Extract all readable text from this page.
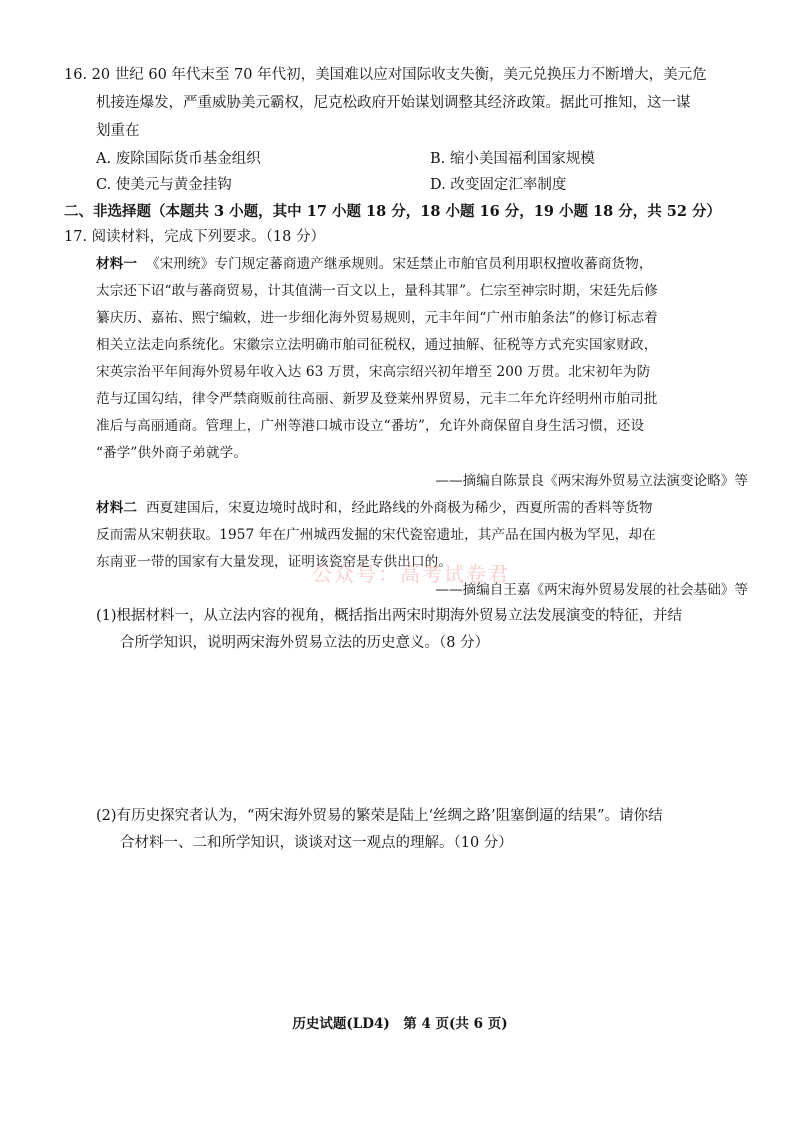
16. 20 世纪 60 年代末至 70 年代初，美国难以应对国际收支失衡，美元兑换压力不断增大，美元危
机接连爆发，严重威胁美元霸权，尼克松政府开始谋划调整其经济政策。据此可推知，这一谋
划重在
A. 废除国际货币基金组织	B. 缩小美国福利国家规模
C. 使美元与黄金挂钩	D. 改变固定汇率制度
二、非选择题（本题共 3 小题，其中 17 小题 18 分，18 小题 16 分，19 小题 18 分，共 52 分）
17. 阅读材料，完成下列要求。（18 分）
材料一 《宋刑统》专门规定蕃商遗产继承规则。宋廷禁止市舶官员利用职权擅收蕃商货物，
太宗还下诏“敢与蕃商贸易，计其值满一百文以上，量科其罪”。仁宗至神宗时期，宋廷先后修
纂庆历、嘉祐、熙宁编敕，进一步细化海外贸易规则，元丰年间“广州市舶条法”的修订标志着
相关立法走向系统化。宋徽宗立法明确市舶司征税权，通过抽解、征税等方式充实国家财政，
宋英宗治平年间海外贸易年收入达 63 万贯，宋高宗绍兴初年增至 200 万贯。北宋初年为防
范与辽国勾结，律令严禁商贩前往高丽、新罗及登莱州界贸易，元丰二年允许经明州市舶司批
准后与高丽通商。管理上，广州等港口城市设立“番坊”，允许外商保留自身生活习惯，还设
“番学”供外商子弟就学。
——摘编自陈景良《两宋海外贸易立法演变论略》等
材料二 西夏建国后，宋夏边境时战时和，经此路线的外商极为稀少，西夏所需的香料等货物
反而需从宋朝获取。1957 年在广州城西发掘的宋代瓷窑遗址，其产品在国内极为罕见，却在
东南亚一带的国家有大量发现，证明该瓷窑是专供出口的。
——摘编自王嘉《两宋海外贸易发展的社会基础》等
公众号：高考试卷君
(1)根据材料一，从立法内容的视角，概括指出两宋时期海外贸易立法发展演变的特征，并结
合所学知识，说明两宋海外贸易立法的历史意义。（8 分）
(2)有历史探究者认为，“两宋海外贸易的繁荣是陆上‘丝绸之路’阻塞倒逼的结果”。请你结
合材料一、二和所学知识，谈谈对这一观点的理解。（10 分）
历史试题(LD4)　第 4 页(共 6 页)
